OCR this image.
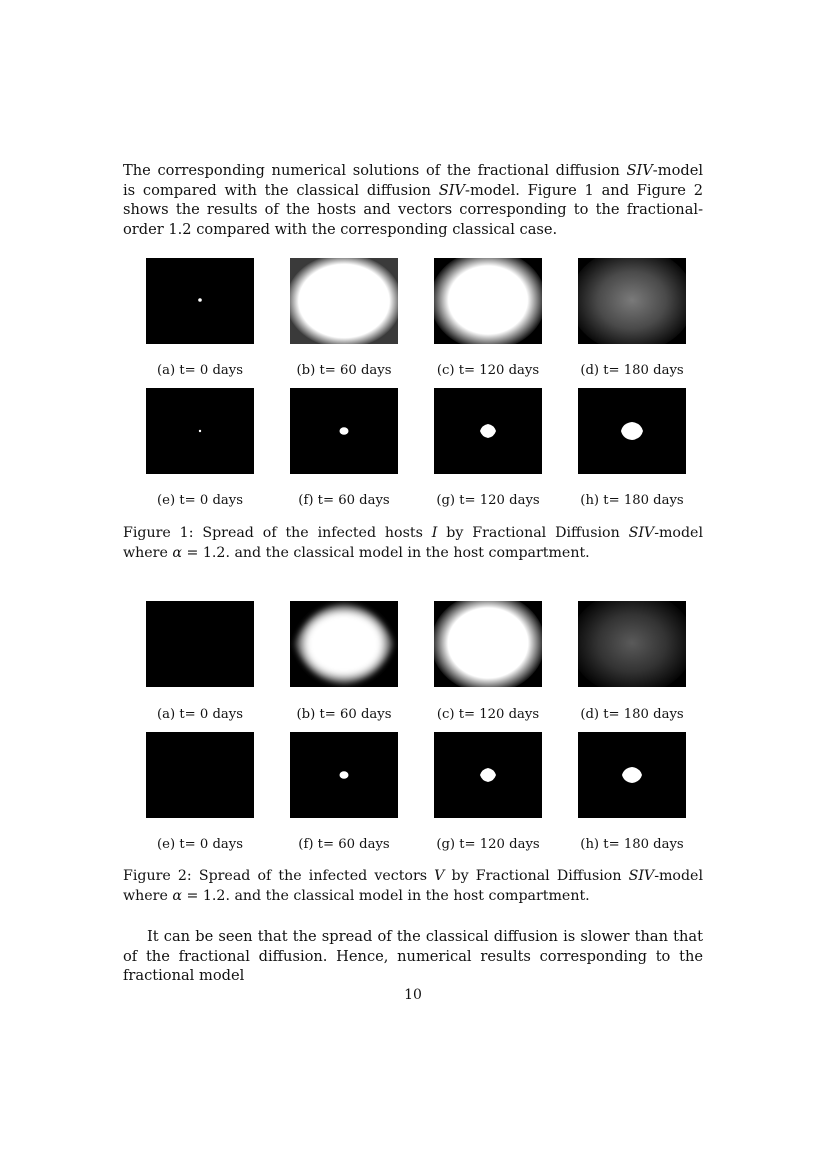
The corresponding numerical solutions of the fractional diffusion SIV-model is compared with the classical diffusion SIV-model. Figure 1 and Figure 2 shows the results of the hosts and vectors corresponding to the fractional-order 1.2 compared with the corresponding classical case.
(a) t= 0 days	(b) t= 60 days	(c) t= 120 days	(d) t= 180 days
(e) t= 0 days	(f) t= 60 days	(g) t= 120 days	(h) t= 180 days
Figure 1: Spread of the infected hosts I by Fractional Diffusion SIV-model where α = 1.2. and the classical model in the host compartment.
(a) t= 0 days	(b) t= 60 days	(c) t= 120 days	(d) t= 180 days
(e) t= 0 days	(f) t= 60 days	(g) t= 120 days	(h) t= 180 days
Figure 2: Spread of the infected vectors V by Fractional Diffusion SIV-model where α = 1.2. and the classical model in the host compartment.
It can be seen that the spread of the classical diffusion is slower than that of the fractional diffusion. Hence, numerical results corresponding to the fractional model
10
